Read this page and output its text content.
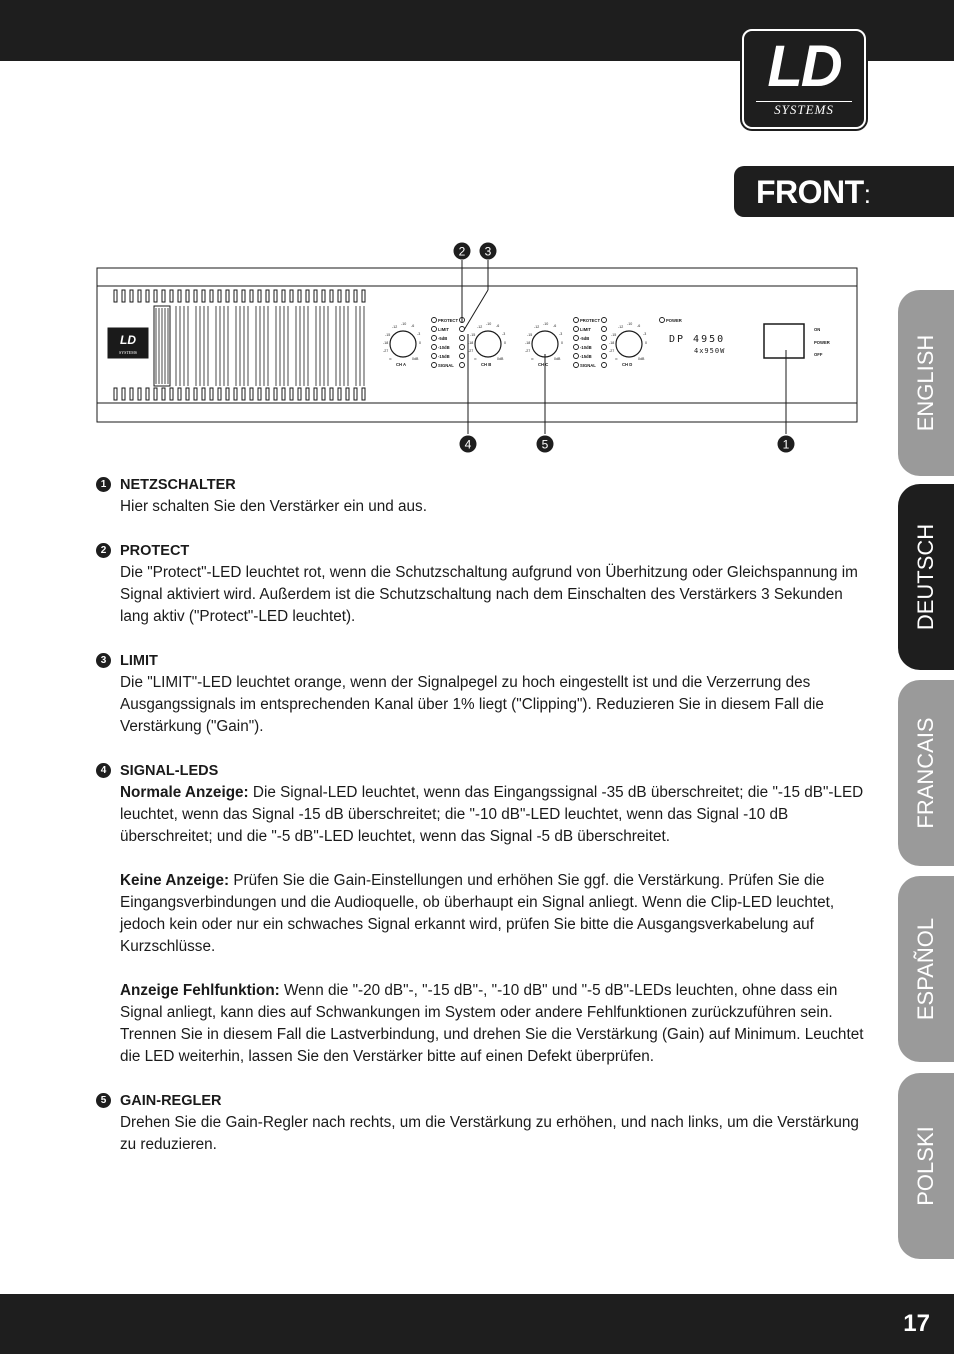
LD
SYSTEMS
FRONT:
ENGLISH
DEUTSCH
FRANCAIS
ESPAÑOL
POLSKI
LD
SYSTEMS
PROTECT
LIMIT
-5dB
-10dB
-15dB
SIGNAL
PROTECT
LIMIT
-5dB
-10dB
-15dB
SIGNAL
POWER
CH A	CH B	CH C	CH D
ON
POWER
OFF
-12
-10 -6
-3
-15
-18
-27
∞
0
0dB
-12
-10 -6
-3
-15
-18
-27
∞
0
0dB
-12
-10 -6
-3
-15
-18
-27
∞
0
0dB
-12
-10 -6
-3
-15
-18
-27
∞
0
0dB
DP 4950
4x950W
2 3
4	5	1
1 NETZSCHALTER

Hier schalten Sie den Verstärker ein und aus.

2 PROTECT

Die "Protect"-LED leuchtet rot, wenn die Schutzschaltung aufgrund von Überhitzung oder Gleichspannung im Signal aktiviert wird. Außerdem ist die Schutzschaltung nach dem Einschalten des Verstärkers 3 Sekunden lang aktiv ("Protect"-LED leuchtet).

3 LIMIT

Die "LIMIT"-LED leuchtet orange, wenn der Signalpegel zu hoch eingestellt ist und die Verzerrung des Ausgangssignals im entsprechenden Kanal über 1% liegt ("Clipping"). Reduzieren Sie in diesem Fall die Verstärkung ("Gain").

4 SIGNAL-LEDS

Normale Anzeige: Die Signal-LED leuchtet, wenn das Eingangssignal -35 dB überschreitet; die "-15 dB"-LED leuchtet, wenn das Signal -15 dB überschreitet; die "-10 dB"-LED leuchtet, wenn das Signal -10 dB überschreitet; und die "-5 dB"-LED leuchtet, wenn das Signal -5 dB überschreitet.

Keine Anzeige: Prüfen Sie die Gain-Einstellungen und erhöhen Sie ggf. die Verstärkung. Prüfen Sie die Eingangsverbindungen und die Audioquelle, ob überhaupt ein Signal anliegt. Wenn die Clip-LED leuchtet, jedoch kein oder nur ein schwaches Signal erkannt wird, prüfen Sie bitte die Ausgangsverkabelung auf Kurzschlüsse.

Anzeige Fehlfunktion: Wenn die "-20 dB"-, "-15 dB"-, "-10 dB" und "-5 dB"-LEDs leuchten, ohne dass ein Signal anliegt, kann dies auf Schwankungen im System oder andere Fehlfunktionen zurückzuführen sein. Trennen Sie in diesem Fall die Lastverbindung, und drehen Sie die Verstärkung (Gain) auf Minimum. Leuchtet die LED weiterhin, lassen Sie den Verstärker bitte auf einen Defekt überprüfen.

5 GAIN-REGLER

Drehen Sie die Gain-Regler nach rechts, um die Verstärkung zu erhöhen, und nach links, um die Verstärkung zu reduzieren.

17
